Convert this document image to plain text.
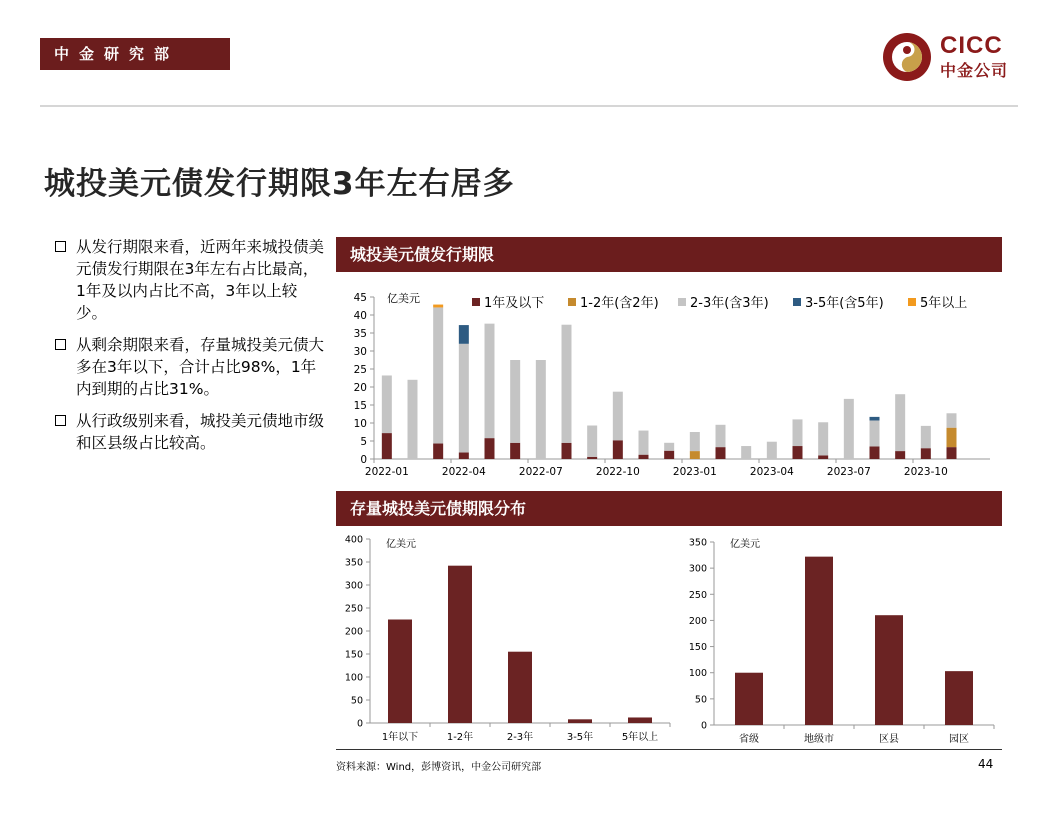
中金研究部	CICC
中金公司
城投美元债发行期限3年左右居多
从发行期限来看，近两年来城投债美元债发行期限在3年左右占比最高，1年及以内占比不高，3年以上较少。
从剩余期限来看，存量城投美元债大多在3年以下，合计占比98%，1年内到期的占比31%。
从行政级别来看，城投美元债地市级和区县级占比较高。
城投美元债发行期限
0
5
10
15
20
25
30
35
40
45 亿美元
2022-01	2022-04	2022-07	2022-10	2023-01	2023-04	2023-07	2023-10
1年及以下	1-2年(含2年) 2-3年(含3年)	3-5年(含5年)	5年以上
存量城投美元债期限分布
0
50
100
150
200
250
300
350
400 亿美元
1年以下	1-2年	2-3年	3-5年	5年以上
0
50
100
150
200
250
300
350 亿美元
省级	地级市	区县	园区
资料来源：Wind，彭博资讯，中金公司研究部	44
